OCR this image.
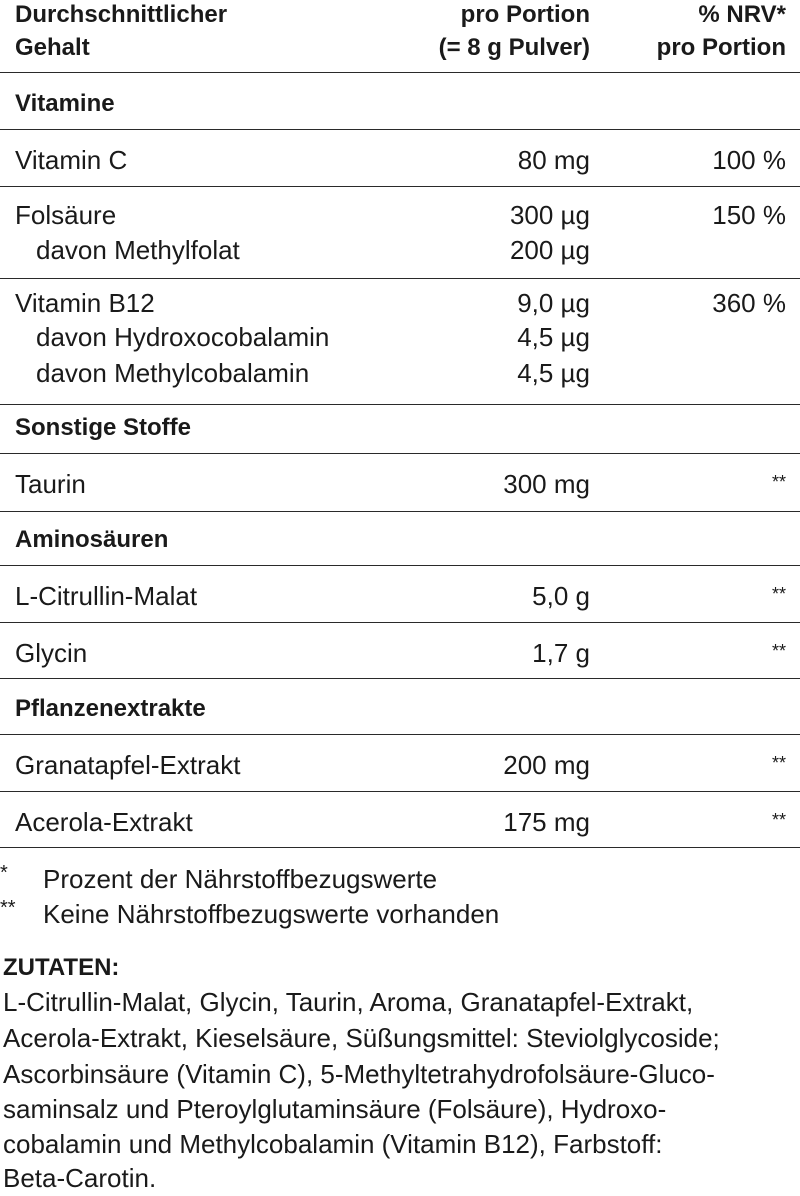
Durchschnittlicher	pro Portion	% NRV*
Gehalt	(= 8 g Pulver)	pro Portion
Vitamine
Vitamin C	80 mg	100 %
Folsäure	300 µg	150 %
davon Methylfolat	200 µg
Vitamin B12	9,0 µg	360 %
davon Hydroxocobalamin	4,5 µg
davon Methylcobalamin	4,5 µg
Sonstige Stoffe
Taurin	300 mg	**
Aminosäuren
L-Citrullin-Malat	5,0 g	**
Glycin	1,7 g	**
Pflanzenextrakte
Granatapfel-Extrakt	200 mg	**
Acerola-Extrakt	175 mg	**
* Prozent der Nährstoffbezugswerte
** Keine Nährstoffbezugswerte vorhanden
ZUTATEN:
L-Citrullin-Malat, Glycin, Taurin, Aroma, Granatapfel-Extrakt,
Acerola-Extrakt, Kieselsäure, Süßungsmittel: Steviolglycoside;
Ascorbinsäure (Vitamin C), 5-Methyltetrahydrofolsäure-Gluco-
saminsalz und Pteroylglutaminsäure (Folsäure), Hydroxo-
cobalamin und Methylcobalamin (Vitamin B12), Farbstoff:
Beta-Carotin.
